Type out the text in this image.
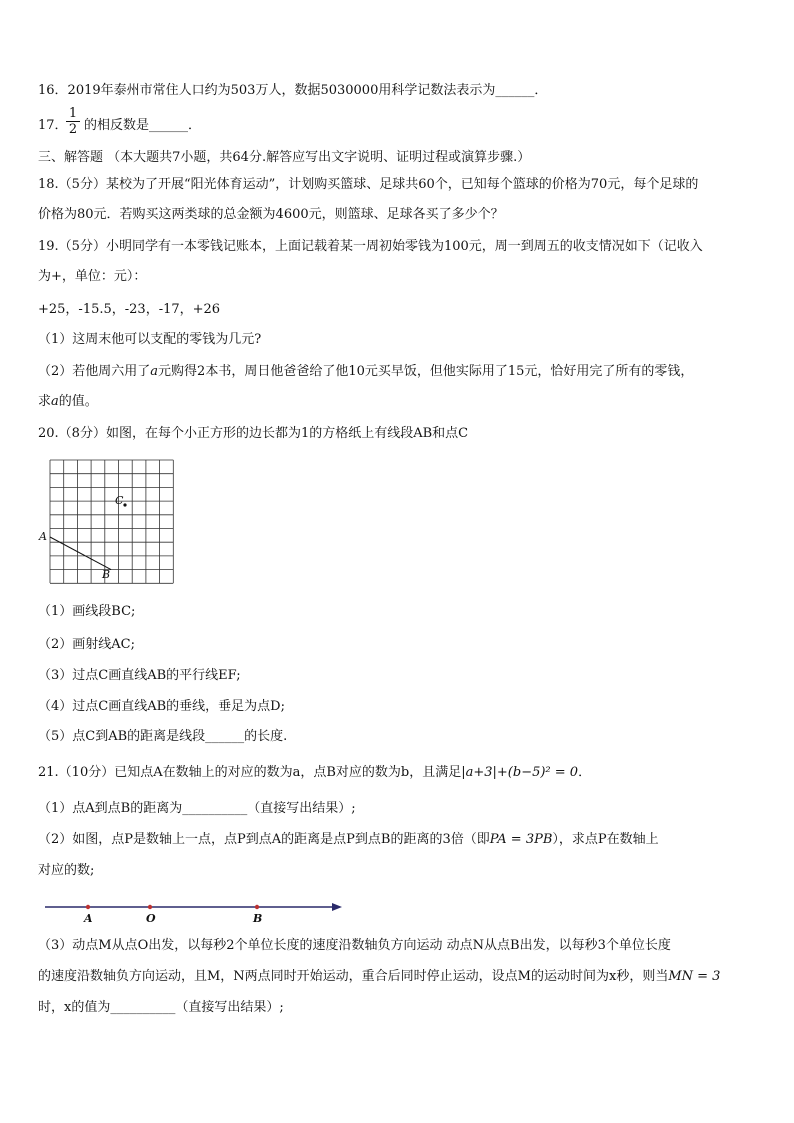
16．2019年泰州市常住人口约为503万人，数据5030000用科学记数法表示为______．
17．
$\frac{1}{2}$ 的相反数是______．
三、解答题 （本大题共7小题，共64分.解答应写出文字说明、证明过程或演算步骤.）
18.（5分）某校为了开展“阳光体育运动”，计划购买篮球、足球共60个，已知每个篮球的价格为70元，每个足球的
价格为80元．若购买这两类球的总金额为4600元，则篮球、足球各买了多少个？
19.（5分）小明同学有一本零钱记账本，上面记载着某一周初始零钱为100元，周一到周五的收支情况如下（记收入
为+，单位：元）：
+25，-15.5，-23，-17，+26
（1）这周末他可以支配的零钱为几元?
（2）若他周六用了a元购得2本书，周日他爸爸给了他10元买早饭，但他实际用了15元，恰好用完了所有的零钱，
求a的值。
20.（8分）如图，在每个小正方形的边长都为1的方格纸上有线段AB和点C
C
A
B
（1）画线段BC;
（2）画射线AC;
（3）过点C画直线AB的平行线EF;
（4）过点C画直线AB的垂线，垂足为点D;
（5）点C到AB的距离是线段______的长度.
21.（10分）已知点A在数轴上的对应的数为a，点B对应的数为b，且满足|a+3|+(b−5)² = 0．
（1）点A到点B的距离为__________（直接写出结果）;
（2）如图，点P是数轴上一点，点P到点A的距离是点P到点B的距离的3倍（即PA = 3PB），求点P在数轴上
对应的数;
A	O	B
（3）动点M从点O出发，以每秒2个单位长度的速度沿数轴负方向运动 动点N从点B出发，以每秒3个单位长度
的速度沿数轴负方向运动，且M，N两点同时开始运动，重合后同时停止运动，设点M的运动时间为x秒，则当MN = 3
时，x的值为__________（直接写出结果）;
